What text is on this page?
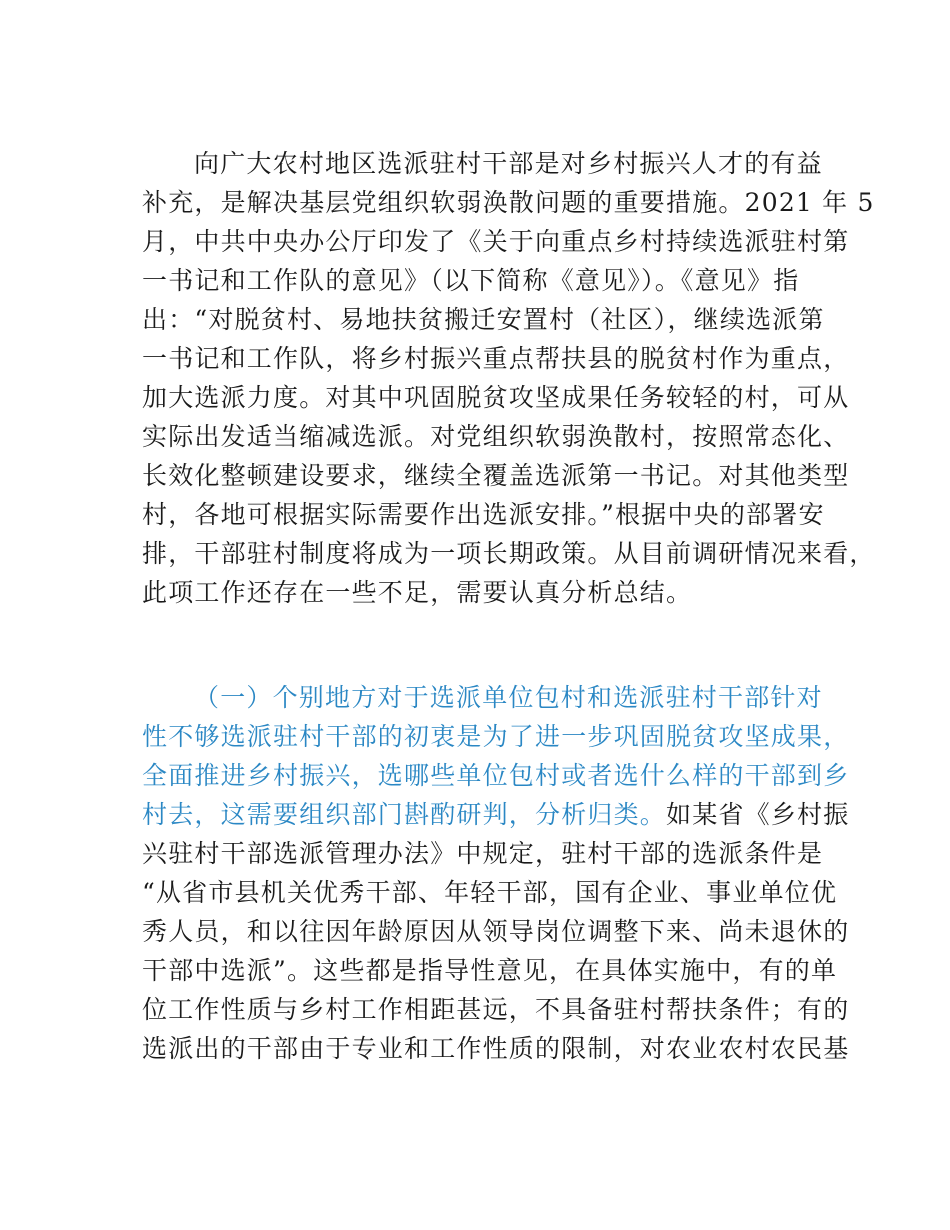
向广大农村地区选派驻村干部是对乡村振兴人才的有益
补充，是解决基层党组织软弱涣散问题的重要措施。2021 年 5
月，中共中央办公厅印发了《关于向重点乡村持续选派驻村第
一书记和工作队的意见》（以下简称《意见》）。《意见》指
出：“对脱贫村、易地扶贫搬迁安置村（社区），继续选派第
一书记和工作队，将乡村振兴重点帮扶县的脱贫村作为重点，
加大选派力度。对其中巩固脱贫攻坚成果任务较轻的村，可从
实际出发适当缩减选派。对党组织软弱涣散村，按照常态化、
长效化整顿建设要求，继续全覆盖选派第一书记。对其他类型
村，各地可根据实际需要作出选派安排。”根据中央的部署安
排，干部驻村制度将成为一项长期政策。从目前调研情况来看，
此项工作还存在一些不足，需要认真分析总结。

（一）个别地方对于选派单位包村和选派驻村干部针对
性不够选派驻村干部的初衷是为了进一步巩固脱贫攻坚成果，
全面推进乡村振兴，选哪些单位包村或者选什么样的干部到乡
村去，这需要组织部门斟酌研判，分析归类。如某省《乡村振
兴驻村干部选派管理办法》中规定，驻村干部的选派条件是
“从省市县机关优秀干部、年轻干部，国有企业、事业单位优
秀人员，和以往因年龄原因从领导岗位调整下来、尚未退休的
干部中选派”。这些都是指导性意见，在具体实施中，有的单
位工作性质与乡村工作相距甚远，不具备驻村帮扶条件；有的
选派出的干部由于专业和工作性质的限制，对农业农村农民基
